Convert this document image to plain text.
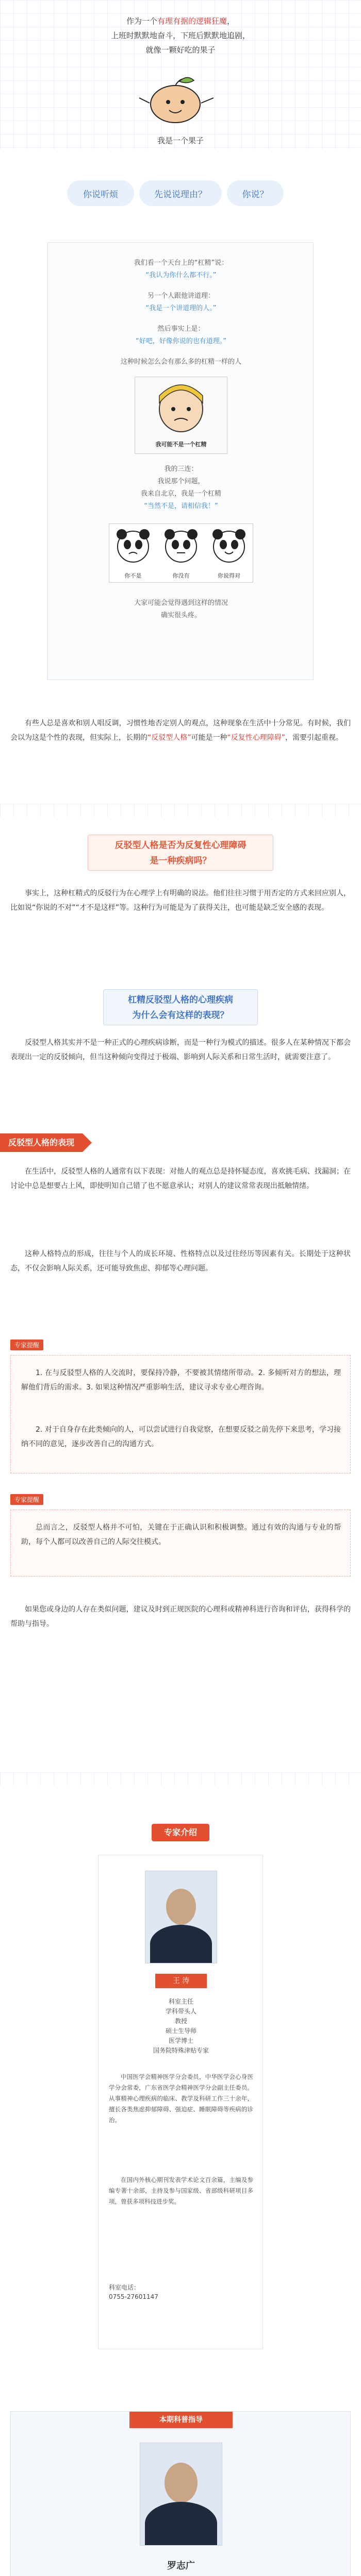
作为一个有理有据的逻辑狂魔，
上班时默默地奋斗，下班后默默地追剧，
就像一颗好吃的果子
我是一个果子
你说听烦	先说说理由？	你说？
我们看一个天台上的“杠精”说：
“我认为你什么都不行。”
另一个人跟他讲道理：
“我是一个讲道理的人。”
然后事实上是：
“好吧，好像你说的也有道理。”
这种时候怎么会有那么多的杠精一样的人
我可能不是一个杠精
我的三连：
我说那个问题，
我来自北京，我是一个杠精
“当然不是，请相信我！”
你不是	你没有	你说得对
大家可能会觉得遇到这样的情况
确实很头疼。
有些人总是喜欢和别人唱反调，习惯性地否定别人的观点，这种现象在生活中十分常见。有时候，我们会以为这是个性的表现，但实际上，长期的“反驳型人格”可能是一种“反复性心理障碍”，需要引起重视。
反驳型人格是否为反复性心理障碍
是一种疾病吗？
事实上，这种杠精式的反驳行为在心理学上有明确的说法。他们往往习惯于用否定的方式来回应别人，比如说“你说的不对”“才不是这样”等。这种行为可能是为了获得关注，也可能是缺乏安全感的表现。
杠精反驳型人格的心理疾病
为什么会有这样的表现？
反驳型人格其实并不是一种正式的心理疾病诊断，而是一种行为模式的描述。很多人在某种情况下都会表现出一定的反驳倾向，但当这种倾向变得过于极端、影响到人际关系和日常生活时，就需要注意了。
反驳型人格的表现
在生活中，反驳型人格的人通常有以下表现：对他人的观点总是持怀疑态度，喜欢挑毛病、找漏洞；在讨论中总是想要占上风，即使明知自己错了也不愿意承认；对别人的建议常常表现出抵触情绪。
这种人格特点的形成，往往与个人的成长环境、性格特点以及过往经历等因素有关。长期处于这种状态，不仅会影响人际关系，还可能导致焦虑、抑郁等心理问题。
专家提醒
1. 在与反驳型人格的人交流时，要保持冷静，不要被其情绪所带动。2. 多倾听对方的想法，理解他们背后的需求。3. 如果这种情况严重影响生活，建议寻求专业心理咨询。
2. 对于自身存在此类倾向的人，可以尝试进行自我觉察，在想要反驳之前先停下来思考，学习接纳不同的意见，逐步改善自己的沟通方式。
专家提醒
总而言之，反驳型人格并不可怕，关键在于正确认识和积极调整。通过有效的沟通与专业的帮助，每个人都可以改善自己的人际交往模式。
如果您或身边的人存在类似问题，建议及时到正规医院的心理科或精神科进行咨询和评估，获得科学的帮助与指导。
专家介绍
王 涛
科室主任
学科带头人
教授
硕士生导师
医学博士
国务院特殊津贴专家
中国医学会精神医学分会委员，中华医学会心身医学分会常委，广东省医学会精神医学分会副主任委员。从事精神心理疾病的临床、教学及科研工作三十余年，擅长各类焦虑抑郁障碍、强迫症、睡眠障碍等疾病的诊治。
在国内外核心期刊发表学术论文百余篇，主编及参编专著十余部，主持及参与国家级、省部级科研项目多项，曾获多项科技进步奖。
科室电话：
0755-27601147
本期科普指导
罗志广
